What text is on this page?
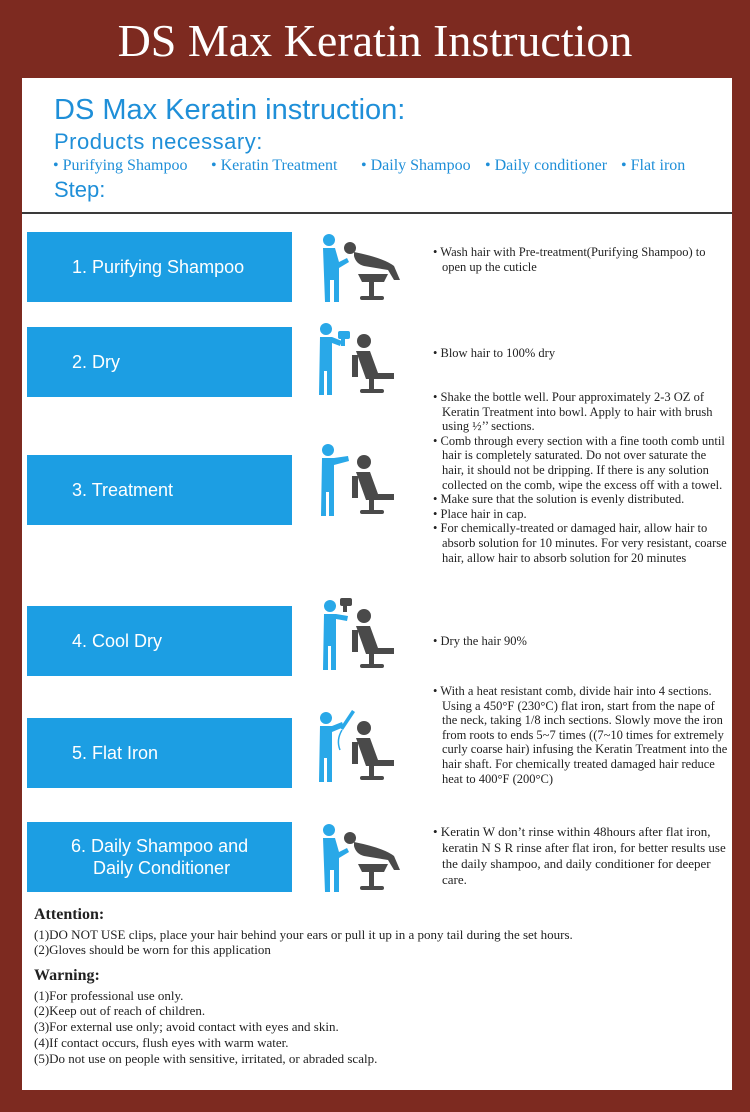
DS Max Keratin Instruction
DS Max Keratin instruction:
Products necessary:
• Purifying Shampoo • Keratin Treatment • Daily Shampoo • Daily conditioner • Flat iron
Step:
1. Purifying Shampoo
• Wash hair with Pre-treatment(Purifying Shampoo) to open up the cuticle
2. Dry	• Blow hair to 100% dry
3. Treatment
• Shake the bottle well. Pour approximately 2-3 OZ of Keratin Treatment into bowl. Apply to hair with brush using ½’’ sections.
• Comb through every section with a fine tooth comb until hair is completely saturated. Do not over saturate the hair, it should not be dripping. If there is any solution collected on the comb, wipe the excess off with a towel.
• Make sure that the solution is evenly distributed.
• Place hair in cap.
• For chemically-treated or damaged hair, allow hair to absorb solution for 10 minutes. For very resistant, coarse hair, allow hair to absorb solution for 20 minutes
4. Cool Dry	• Dry the hair 90%
5. Flat Iron
• With a heat resistant comb, divide hair into 4 sections. Using a 450°F (230°C) flat iron, start from the nape of the neck, taking 1/8 inch sections. Slowly move the iron from roots to ends 5~7 times ((7~10 times for extremely curly coarse hair) infusing the Keratin Treatment into the hair shaft. For chemically treated damaged hair reduce heat to 400°F (200°C)
6. Daily Shampoo and
Daily Conditioner
• Keratin W don’t rinse within 48hours after flat iron, keratin N S R rinse after flat iron, for better results use the daily shampoo, and daily conditioner for deeper care.
Attention:
(1)DO NOT USE clips, place your hair behind your ears or pull it up in a pony tail during the set hours.
(2)Gloves should be worn for this application
Warning:
(1)For professional use only.
(2)Keep out of reach of children.
(3)For external use only; avoid contact with eyes and skin.
(4)If contact occurs, flush eyes with warm water.
(5)Do not use on people with sensitive, irritated, or abraded scalp.
